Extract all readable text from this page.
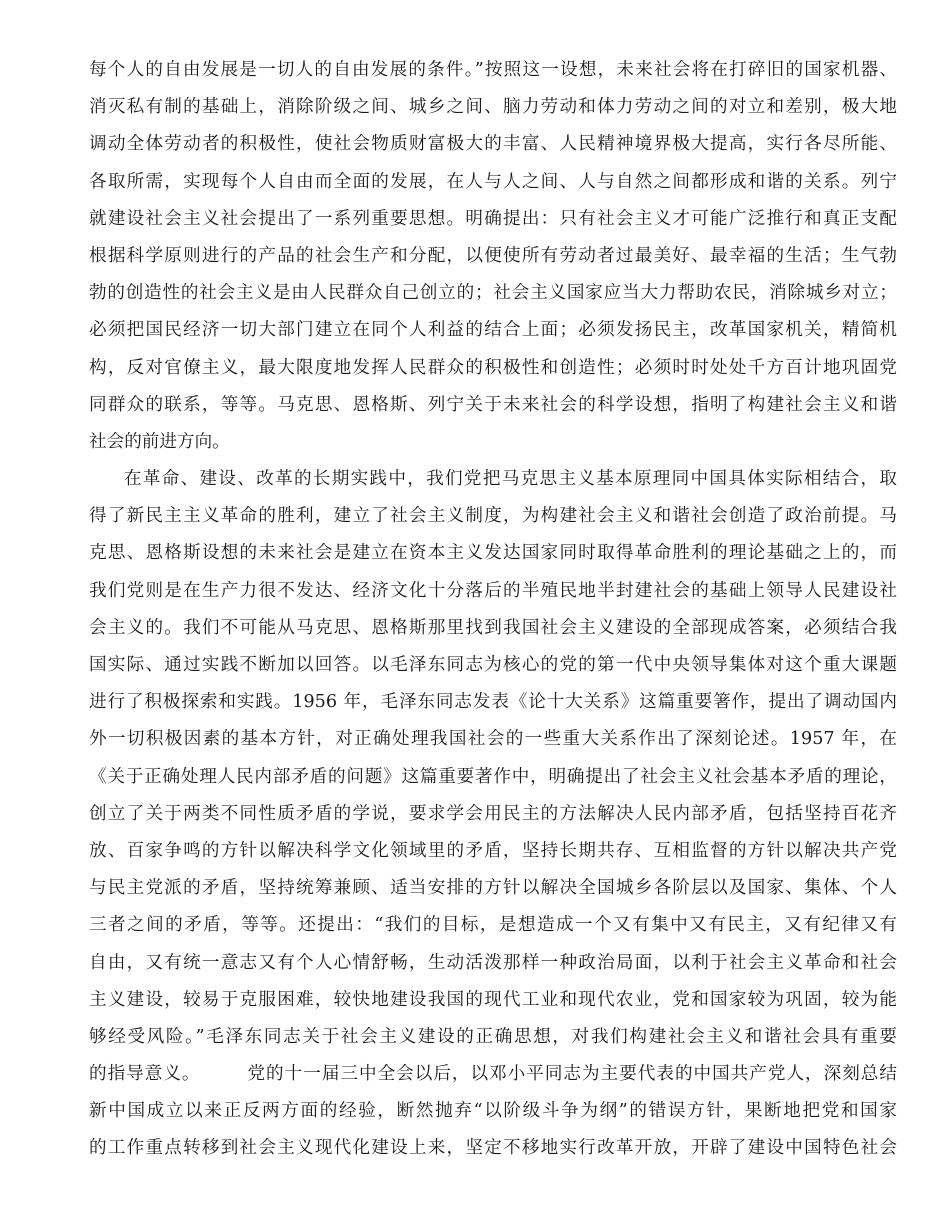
每个人的自由发展是一切人的自由发展的条件。”按照这一设想，未来社会将在打碎旧的国家机器、
消灭私有制的基础上，消除阶级之间、城乡之间、脑力劳动和体力劳动之间的对立和差别，极大地
调动全体劳动者的积极性，使社会物质财富极大的丰富、人民精神境界极大提高，实行各尽所能、
各取所需，实现每个人自由而全面的发展，在人与人之间、人与自然之间都形成和谐的关系。列宁
就建设社会主义社会提出了一系列重要思想。明确提出：只有社会主义才可能广泛推行和真正支配
根据科学原则进行的产品的社会生产和分配，以便使所有劳动者过最美好、最幸福的生活；生气勃
勃的创造性的社会主义是由人民群众自己创立的；社会主义国家应当大力帮助农民，消除城乡对立；
必须把国民经济一切大部门建立在同个人利益的结合上面；必须发扬民主，改革国家机关，精简机
构，反对官僚主义，最大限度地发挥人民群众的积极性和创造性；必须时时处处千方百计地巩固党
同群众的联系，等等。马克思、恩格斯、列宁关于未来社会的科学设想，指明了构建社会主义和谐
社会的前进方向。
在革命、建设、改革的长期实践中，我们党把马克思主义基本原理同中国具体实际相结合，取
得了新民主主义革命的胜利，建立了社会主义制度，为构建社会主义和谐社会创造了政治前提。马
克思、恩格斯设想的未来社会是建立在资本主义发达国家同时取得革命胜利的理论基础之上的，而
我们党则是在生产力很不发达、经济文化十分落后的半殖民地半封建社会的基础上领导人民建设社
会主义的。我们不可能从马克思、恩格斯那里找到我国社会主义建设的全部现成答案，必须结合我
国实际、通过实践不断加以回答。以毛泽东同志为核心的党的第一代中央领导集体对这个重大课题
进行了积极探索和实践。1956 年，毛泽东同志发表《论十大关系》这篇重要箸作，提出了调动国内
外一切积极因素的基本方针，对正确处理我国社会的一些重大关系作出了深刻论述。1957 年，在
《关于正确处理人民内部矛盾的问题》这篇重要著作中，明确提出了社会主义社会基本矛盾的理论，
创立了关于两类不同性质矛盾的学说，要求学会用民主的方法解决人民内部矛盾，包括坚持百花齐
放、百家争鸣的方针以解决科学文化领域里的矛盾，坚持长期共存、互相监督的方针以解决共产党
与民主党派的矛盾，坚持统筹兼顾、适当安排的方针以解决全国城乡各阶层以及国家、集体、个人
三者之间的矛盾，等等。还提出：“我们的目标，是想造成一个又有集中又有民主，又有纪律又有
自由，又有统一意志又有个人心情舒畅，生动活泼那样一种政治局面，以利于社会主义革命和社会
主义建设，较易于克服困难，较快地建设我国的现代工业和现代农业，党和国家较为巩固，较为能
够经受风险。”毛泽东同志关于社会主义建设的正确思想，对我们构建社会主义和谐社会具有重要
的指导意义。　　　党的十一届三中全会以后，以邓小平同志为主要代表的中国共产党人，深刻总结
新中国成立以来正反两方面的经验，断然抛弃“以阶级斗争为纲”的错误方针，果断地把党和国家
的工作重点转移到社会主义现代化建设上来，坚定不移地实行改革开放，开辟了建设中国特色社会
